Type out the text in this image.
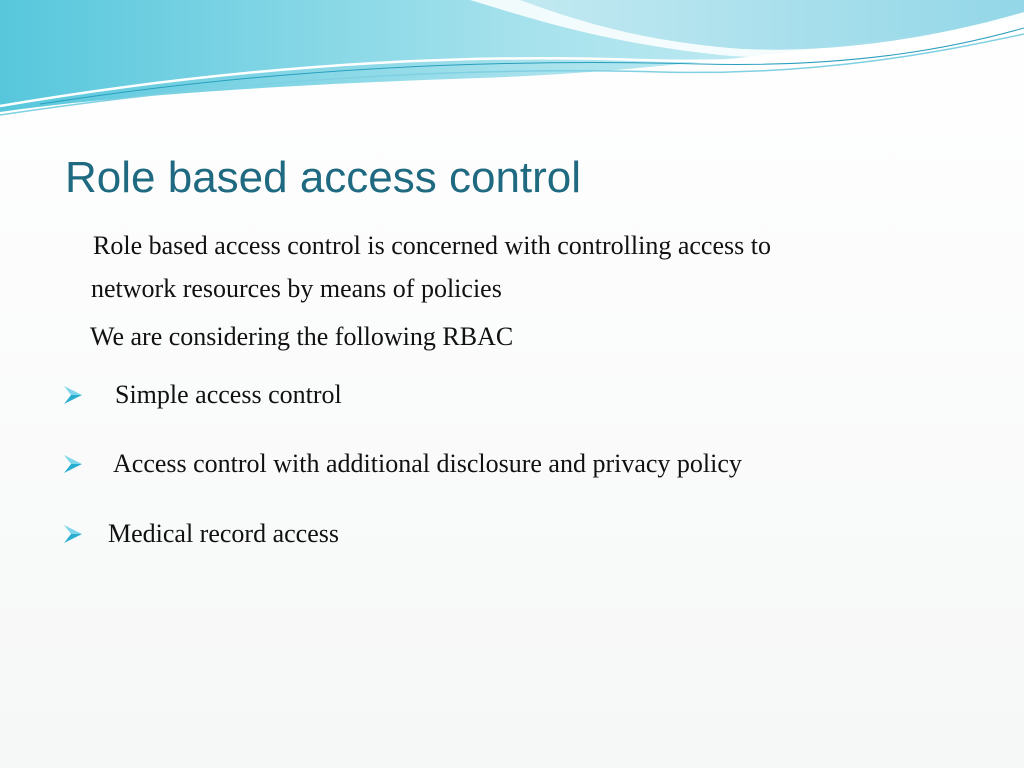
Role based access control
Role based access control is concerned with controlling access to
network resources by means of policies
We are considering the following RBAC
Simple access control
Access control with additional disclosure and privacy policy
Medical record access
